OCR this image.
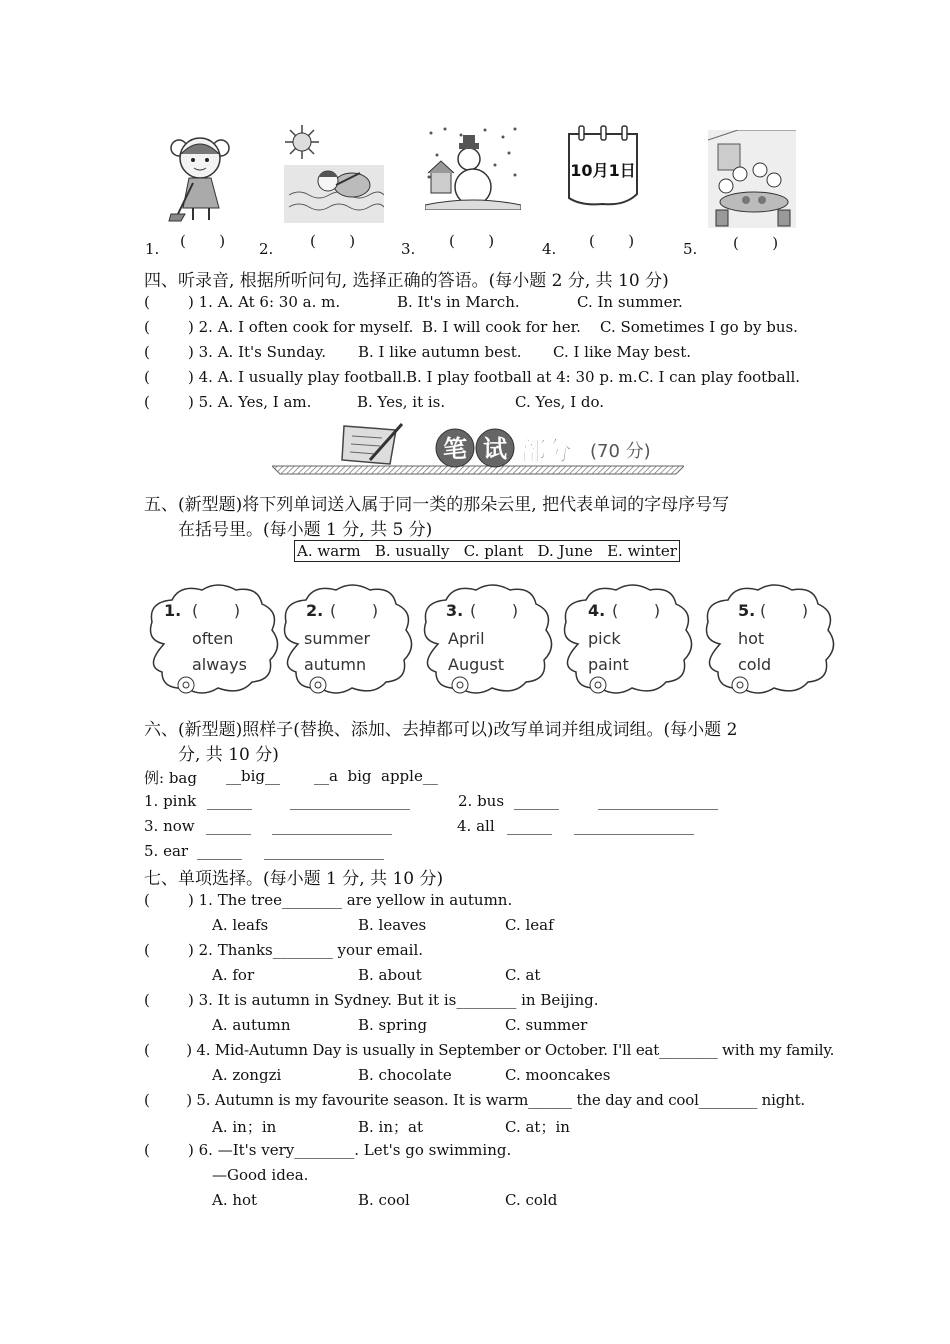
10月1日
1. (       ) 2. (       )	3. (       )	4. (       )	5. (       )
四、听录音, 根据所听问句, 选择正确的答语。(每小题 2 分, 共 10 分)
(        ) 1. A. At 6: 30 a. m.	B. It's in March.	C. In summer.
(        ) 2. A. I often cook for myself. B. I will cook for her. C. Sometimes I go by bus.
(        ) 3. A. It's Sunday. B. I like autumn best. C. I like May best.
(        ) 4. A. I usually play football. B. I play football at 4: 30 p. m. C. I can play football.
(        ) 5. A. Yes, I am.	B. Yes, it is.	C. Yes, I do.
笔 试 部分 (70 分)
五、(新型题)将下列单词送入属于同一类的那朵云里, 把代表单词的字母序号写
在括号里。(每小题 1 分, 共 5 分)
A. warm   B. usually   C. plant   D. June   E. winter
1. (       )
often
always
2. (       )
summer
autumn
3. (       )
April
August
4. (       )
pick
paint
5. (       )
hot
cold
六、(新型题)照样子(替换、添加、去掉都可以)改写单词并组成词组。(每小题 2
分, 共 10 分)
例: bag __big__ __a  big  apple__
1. pink ______	________________	2. bus ______	________________
3. now ______ ________________	4. all ______ ________________
5. ear ______ ________________
七、单项选择。(每小题 1 分, 共 10 分)
(        ) 1. The tree________ are yellow in autumn.
A. leafs	B. leaves	C. leaf
(        ) 2. Thanks________ your email.
A. for	B. about	C. at
(        ) 3. It is autumn in Sydney. But it is________ in Beijing.
A. autumn	B. spring	C. summer
(        ) 4. Mid-Autumn Day is usually in September or October. I'll eat________ with my family.
A. zongzi	B. chocolate	C. mooncakes
(        ) 5. Autumn is my favourite season. It is warm______ the day and cool________ night.
A. in；in	B. in；at	C. at；in
(        ) 6. —It's very________. Let's go swimming.
—Good idea.
A. hot	B. cool	C. cold
